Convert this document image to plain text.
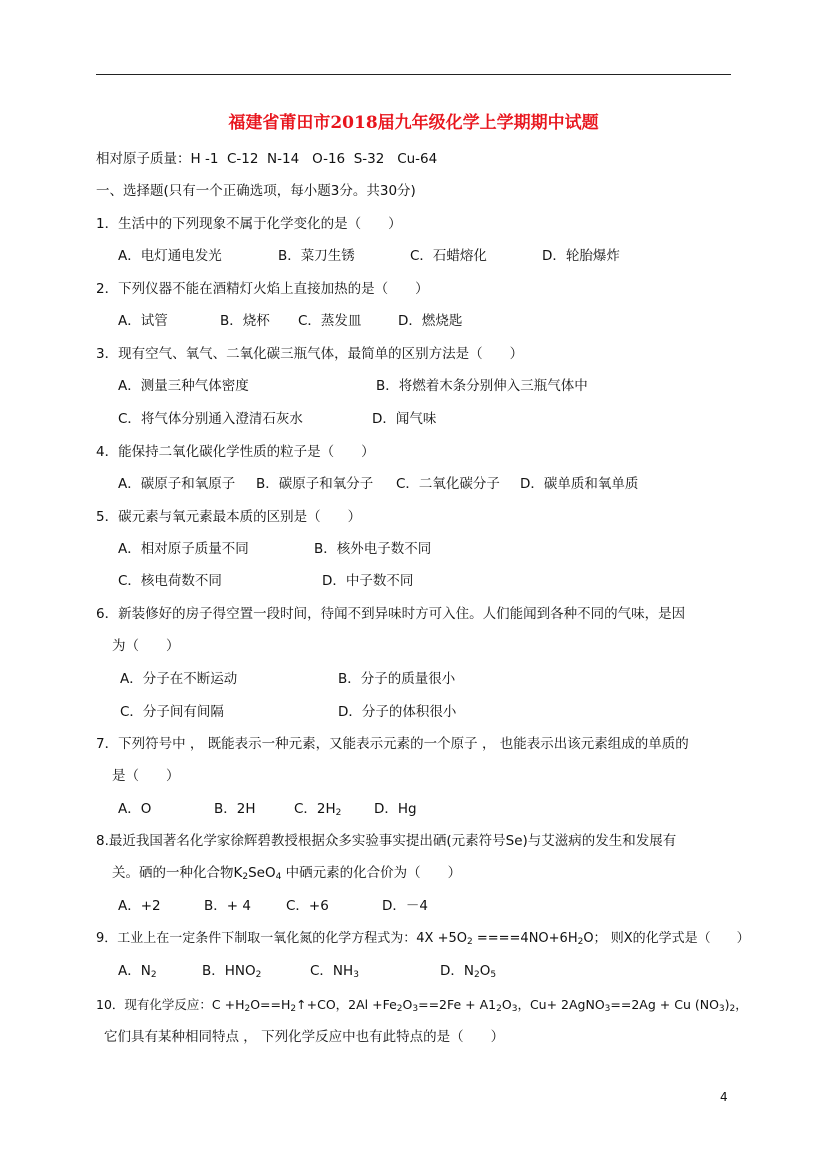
福建省莆田市2018届九年级化学上学期期中试题
相对原子质量：H -1  C-12  N-14   O-16  S-32   Cu-64
一、选择题(只有一个正确选项，每小题3分。共30分)
1．生活中的下列现象不属于化学变化的是（　　）
A．电灯通电发光	B．菜刀生锈	C．石蜡熔化	D．轮胎爆炸
2．下列仪器不能在酒精灯火焰上直接加热的是（　　）
A．试管	B．烧杯 C．蒸发皿	D．燃烧匙
3．现有空气、氧气、二氧化碳三瓶气体，最简单的区别方法是（　　）
A．测量三种气体密度	B．将燃着木条分别伸入三瓶气体中
C．将气体分别通入澄清石灰水	D．闻气味
4．能保持二氧化碳化学性质的粒子是（　　）
A．碳原子和氧原子 B．碳原子和氧分子 C．二氧化碳分子 D．碳单质和氧单质
5．碳元素与氧元素最本质的区别是（　　）
A．相对原子质量不同	B．核外电子数不同
C．核电荷数不同	D．中子数不同
6．新装修好的房子得空置一段时间，待闻不到异味时方可入住。人们能闻到各种不同的气味，是因
为（　　）
A．分子在不断运动	B．分子的质量很小
C．分子间有间隔	D．分子的体积很小
7．下列符号中 ， 既能表示一种元素，又能表示元素的一个原子 ， 也能表示出该元素组成的单质的
是（　　）
A．O	B．2H	C．$2H_2$ D．Hg
8.最近我国著名化学家徐辉碧教授根据众多实验事实提出硒(元素符号Se)与艾滋病的发生和发展有
关。硒的一种化合物$K_2SeO_4$ 中硒元素的化合价为（　　）
A．+2	B．+ 4	C．+6	D．－4
9．工业上在一定条件下制取一氧化氮的化学方程式为：$4X +5O_2 ====4NO+6H_2O$； 则X的化学式是（　　）
A．$N_2$	B．$HNO_2$	C．$NH_3$	D．$N_2O_5$
10．现有化学反应：$C +H_2O==H_2↑+CO$，$2Al +Fe_2O_3==2Fe + A1_2O_3$，Cu+ 2AgNO$_3$==2Ag + Cu $(NO_3)_2$，
它们具有某种相同特点 ， 下列化学反应中也有此特点的是（　　）
4
